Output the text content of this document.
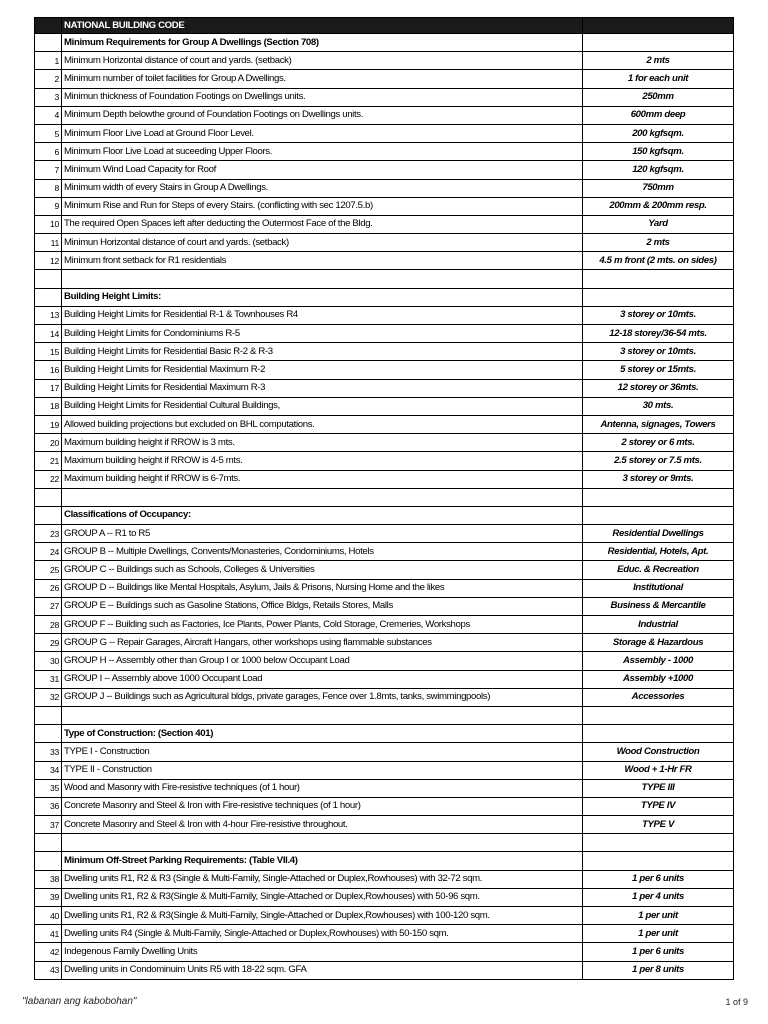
	NATIONAL BUILDING CODE	
	Minimum Requirements for Group A Dwellings (Section 708)	
1	Minimum Horizontal distance of court and yards. (setback)	2 mts
2	Minimum number of toilet facilities for Group A Dwellings.	1 for each unit
3	Minimun thickness of Foundation Footings on Dwellings units.	250mm
4	Minimum Depth belowthe ground of Foundation Footings on Dwellings units.	600mm deep
5	Minimum Floor Live Load at Ground Floor Level.	200 kgfsqm.
6	Minimum Floor Live Load at suceeding Upper Floors.	150 kgfsqm.
7	Minimum Wind Load Capacity for Roof	120 kgfsqm.
8	Minimum width of every Stairs in Group A Dwellings.	750mm
9	Minimum Rise and Run for Steps of every Stairs. (conflicting with sec 1207.5.b)	200mm & 200mm resp.
10	The required Open Spaces left after deducting the Outermost Face of the Bldg.	Yard
11	Minimun Horizontal distance of court and yards. (setback)	2 mts
12	Minimum front setback for R1 residentials	4.5 m front (2 mts. on sides)

	Building Height Limits:	
13	Building Height Limits for Residential R-1 & Townhouses R4	3 storey or 10mts.
14	Building Height Limits for Condominiums R-5	12-18 storey/36-54 mts.
15	Building Height Limits for Residential Basic R-2 & R-3	3 storey or 10mts.
16	Building Height Limits for Residential Maximum R-2	5 storey or 15mts.
17	Building Height Limits for Residential Maximum R-3	12 storey or 36mts.
18	Building Height Limits for Residential Cultural Buildings,	30 mts.
19	Allowed building projections but excluded on BHL computations.	Antenna, signages, Towers
20	Maximum building height if RROW is 3 mts.	2 storey or 6 mts.
21	Maximum building height if RROW is 4-5 mts.	2.5 storey or 7.5 mts.
22	Maximum building height if RROW is 6-7mts.	3 storey or 9mts.

	Classifications of Occupancy:	
23	GROUP A -- R1 to R5	Residential Dwellings
24	GROUP B -- Multiple Dwellings, Convents/Monasteries, Condominiums, Hotels	Residential, Hotels, Apt.
25	GROUP C -- Buildings such as Schools, Colleges & Universities	Educ. & Recreation
26	GROUP D -- Buildings like Mental Hospitals, Asylum, Jails & Prisons, Nursing Home and the likes	Institutional
27	GROUP E -- Buildings such as Gasoline Stations, Office Bldgs, Retails Stores, Malls	Business & Mercantile
28	GROUP F -- Building such as Factories, Ice Plants, Power Plants, Cold Storage, Cremeries, Workshops	Industrial
29	GROUP G -- Repair Garages, Aircraft Hangars, other workshops using flammable substances	Storage & Hazardous
30	GROUP H -- Assembly other than Group I or 1000 below Occupant Load	Assembly - 1000
31	GROUP I -- Assembly above 1000 Occupant Load	Assembly +1000
32	GROUP J -- Buildings such as Agricultural bldgs, private garages, Fence over 1.8mts, tanks, swimmingpools)	Accessories

	Type of Construction: (Section 401)	
33	TYPE I - Construction	Wood Construction
34	TYPE II - Construction	Wood + 1-Hr FR
35	Wood and Masonry with Fire-resistive techniques (of 1 hour)	TYPE III
36	Concrete Masonry and Steel & Iron with Fire-resistive techniques (of 1 hour)	TYPE IV
37	Concrete Masonry and Steel & Iron with 4-hour Fire-resistive throughout.	TYPE V

	Minimum Off-Street Parking Requirements: (Table VII.4)	
38	Dwelling units R1, R2 & R3 (Single & Multi-Family, Single-Attached or Duplex,Rowhouses) with 32-72 sqm.	1 per 6 units
39	Dwelling units R1, R2 & R3(Single & Multi-Family, Single-Attached or Duplex,Rowhouses) with 50-96 sqm.	1 per 4 units
40	Dwelling units R1, R2 & R3(Single & Multi-Family, Single-Attached or Duplex,Rowhouses) with 100-120 sqm.	1 per unit
41	Dwelling units R4 (Single & Multi-Family, Single-Attached or Duplex,Rowhouses) with 50-150 sqm.	1 per unit
42	Indegenous Family Dwelling Units	1 per 6 units
43	Dwelling units in Condominuim Units R5 with 18-22 sqm. GFA	1 per 8 units
"labanan ang kabobohan"	1 of 9
